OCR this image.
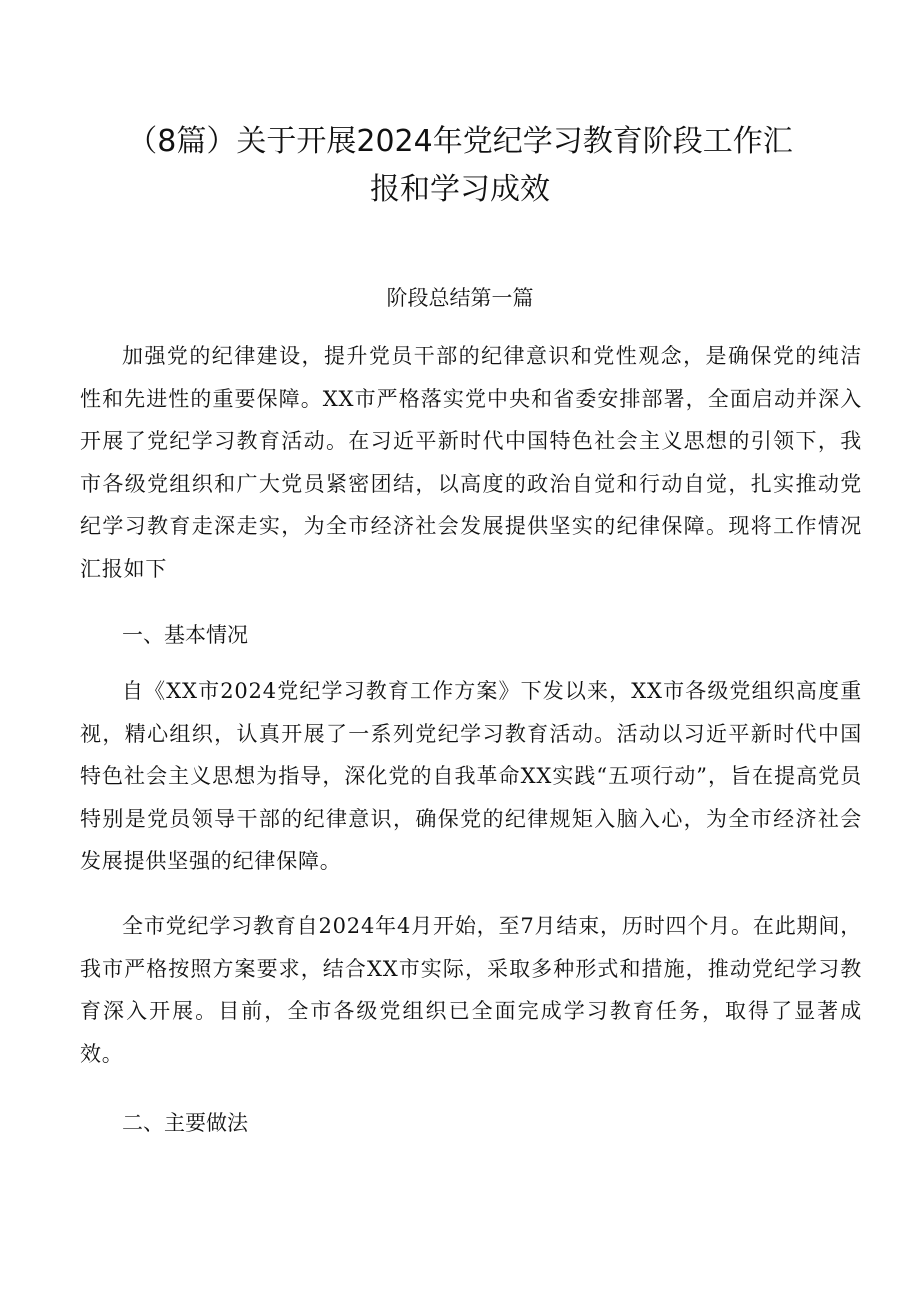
（8篇）关于开展2024年党纪学习教育阶段工作汇
报和学习成效
阶段总结第一篇

加强党的纪律建设，提升党员干部的纪律意识和党性观念，是确保党的纯洁性和先进性的重要保障。XX市严格落实党中央和省委安排部署，全面启动并深入开展了党纪学习教育活动。在习近平新时代中国特色社会主义思想的引领下，我市各级党组织和广大党员紧密团结，以高度的政治自觉和行动自觉，扎实推动党纪学习教育走深走实，为全市经济社会发展提供坚实的纪律保障。现将工作情况汇报如下

一、基本情况

自《XX市2024党纪学习教育工作方案》下发以来，XX市各级党组织高度重视，精心组织，认真开展了一系列党纪学习教育活动。活动以习近平新时代中国特色社会主义思想为指导，深化党的自我革命XX实践“五项行动”，旨在提高党员特别是党员领导干部的纪律意识，确保党的纪律规矩入脑入心，为全市经济社会发展提供坚强的纪律保障。

全市党纪学习教育自2024年4月开始，至7月结束，历时四个月。在此期间，我市严格按照方案要求，结合XX市实际，采取多种形式和措施，推动党纪学习教育深入开展。目前，全市各级党组织已全面完成学习教育任务，取得了显著成效。

二、主要做法
